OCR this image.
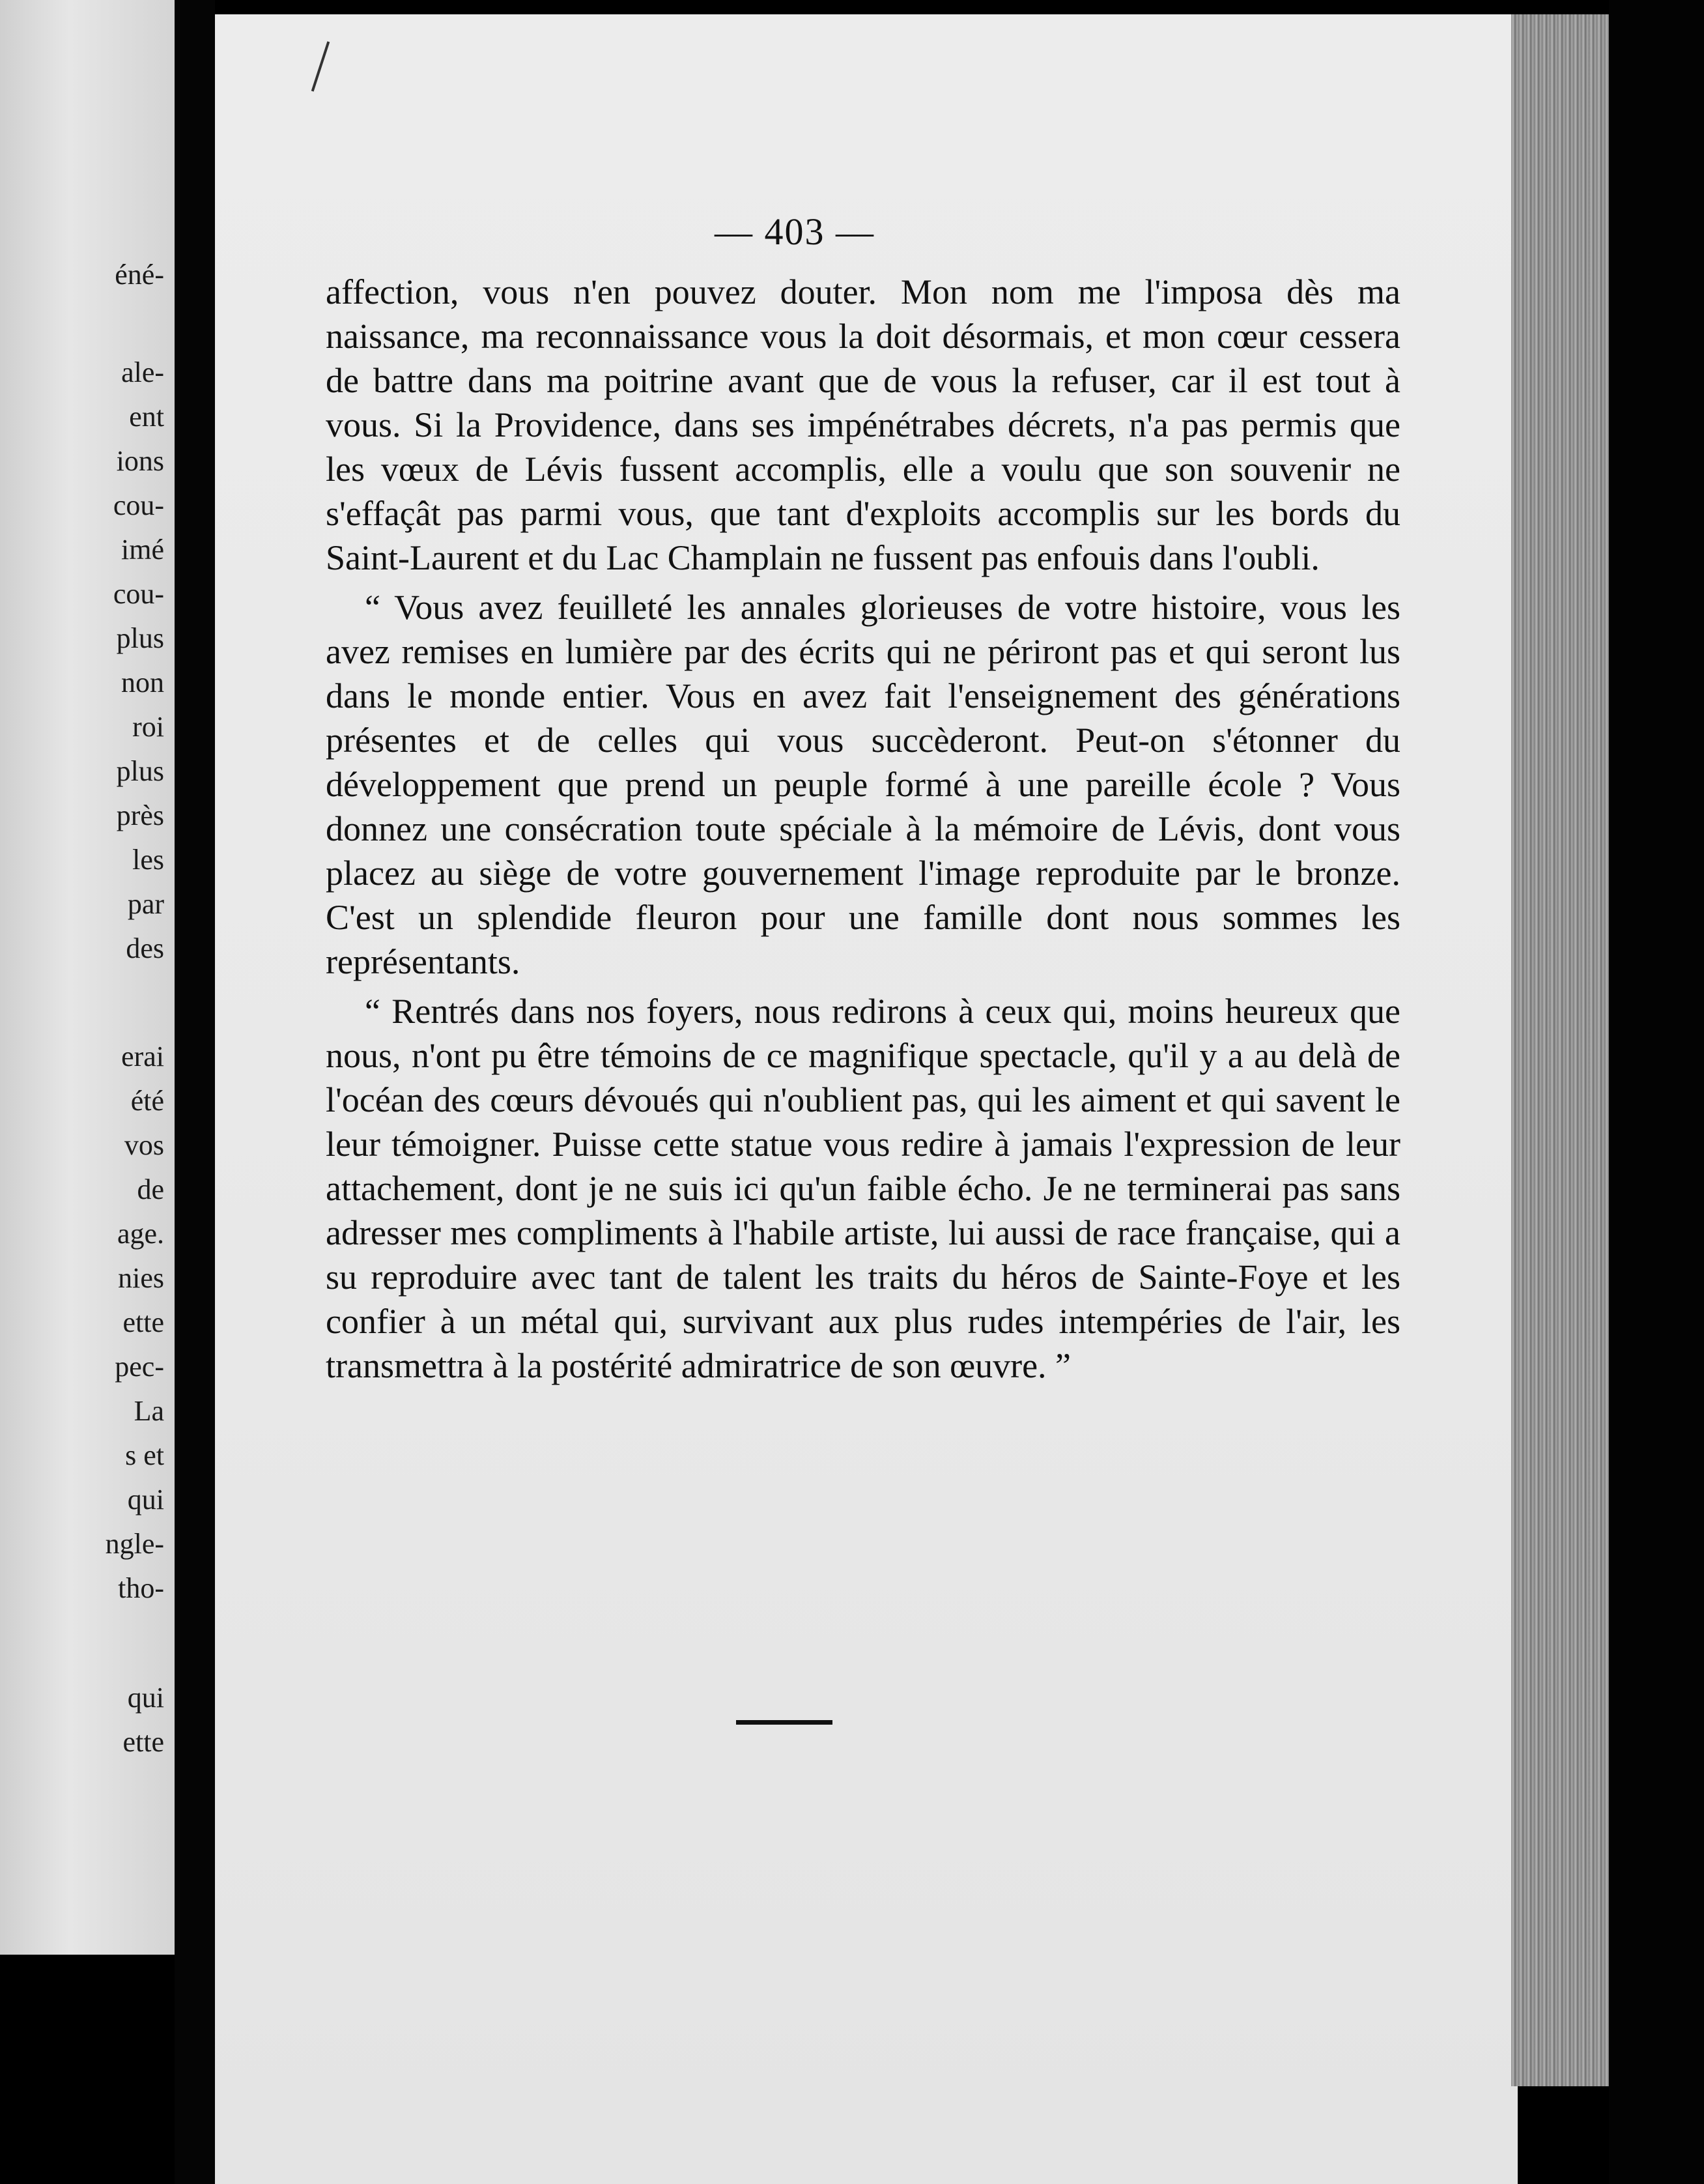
éné-
ale-
ent
ions
cou-
imé
cou-
plus
non
roi
plus
près
les
par
des
erai
été
vos
de
age.
nies
ette
pec-
La
s et
qui
ngle-
tho-
qui
ette
— 403 —

affection, vous n'en pouvez douter. Mon nom me l'imposa dès ma naissance, ma reconnaissance vous la doit désormais, et mon cœur cessera de battre dans ma poitrine avant que de vous la refuser, car il est tout à vous. Si la Providence, dans ses impénétrabes décrets, n'a pas permis que les vœux de Lévis fussent accomplis, elle a voulu que son souvenir ne s'effaçât pas parmi vous, que tant d'exploits accomplis sur les bords du Saint-Laurent et du Lac Champlain ne fussent pas enfouis dans l'oubli.

“ Vous avez feuilleté les annales glorieuses de votre histoire, vous les avez remises en lumière par des écrits qui ne périront pas et qui seront lus dans le monde entier. Vous en avez fait l'enseignement des générations présentes et de celles qui vous succèderont. Peut-on s'étonner du développement que prend un peuple formé à une pareille école ? Vous donnez une consécration toute spéciale à la mémoire de Lévis, dont vous placez au siège de votre gouvernement l'image reproduite par le bronze. C'est un splendide fleuron pour une famille dont nous sommes les représentants.

“ Rentrés dans nos foyers, nous redirons à ceux qui, moins heureux que nous, n'ont pu être témoins de ce magnifique spectacle, qu'il y a au delà de l'océan des cœurs dévoués qui n'oublient pas, qui les aiment et qui savent le leur témoigner. Puisse cette statue vous redire à jamais l'expression de leur attachement, dont je ne suis ici qu'un faible écho. Je ne terminerai pas sans adresser mes compliments à l'habile artiste, lui aussi de race française, qui a su reproduire avec tant de talent les traits du héros de Sainte-Foye et les confier à un métal qui, survivant aux plus rudes intempéries de l'air, les transmettra à la postérité admiratrice de son œuvre. ”
